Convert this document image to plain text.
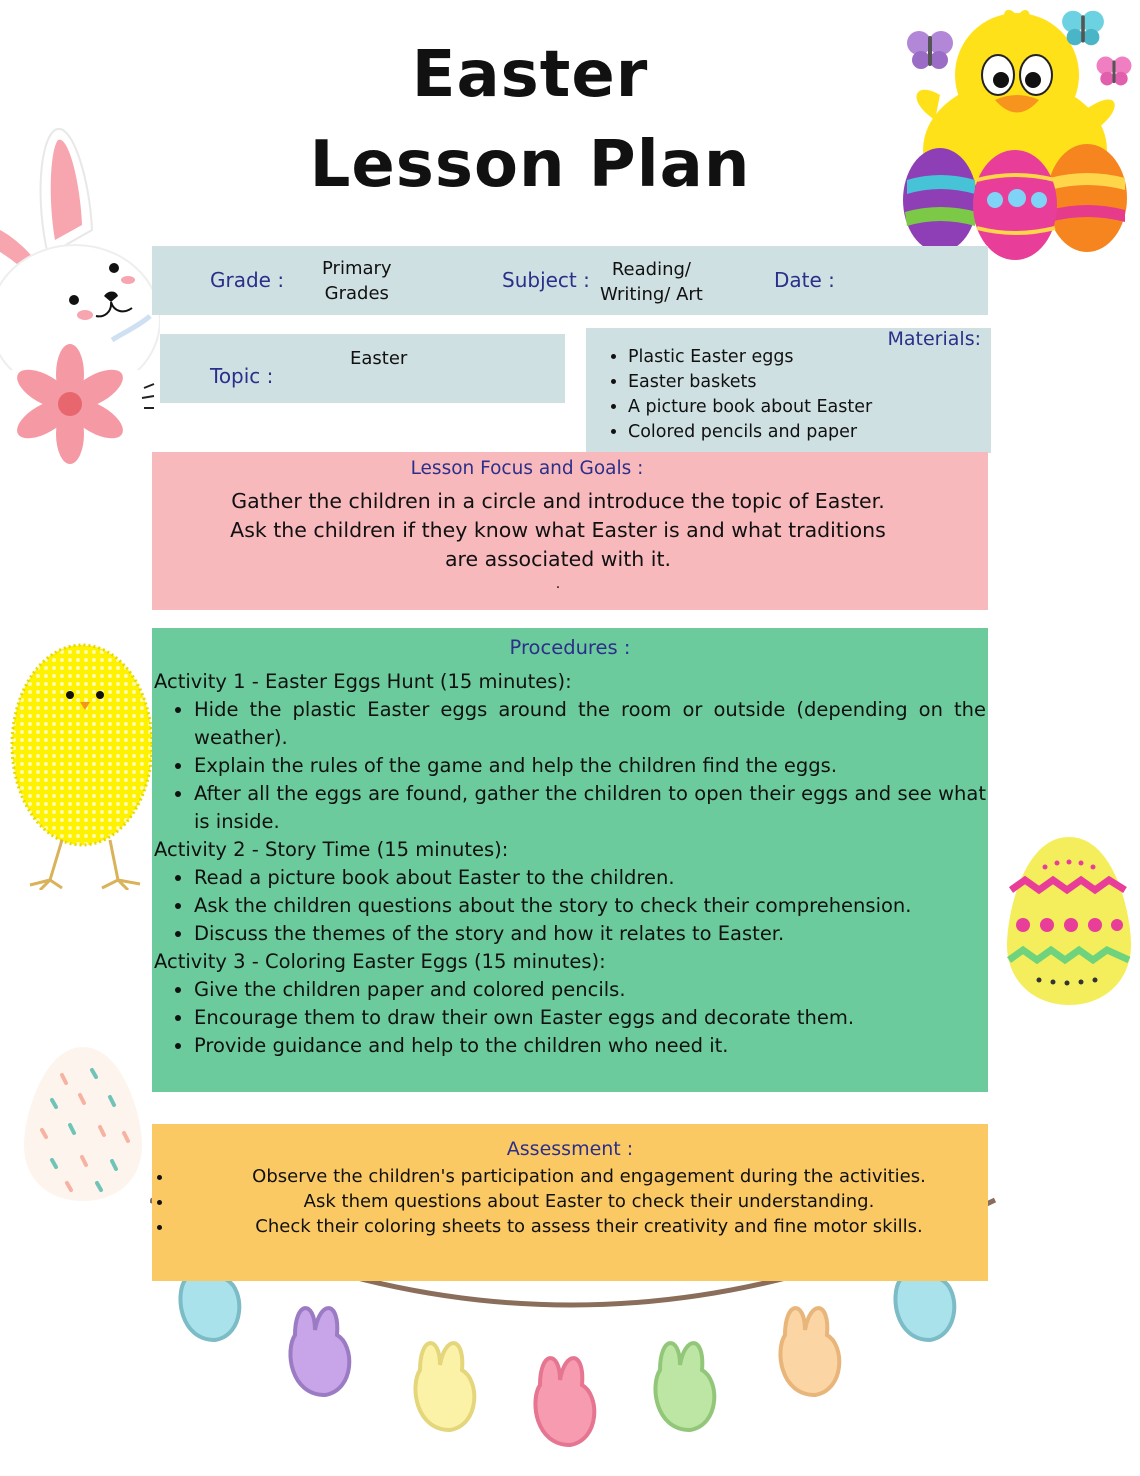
Easter
Lesson Plan
Grade : Primary
Grades
Subject :	Reading/
Writing/ Art
Date :
Topic :
Easter
Materials:
• Plastic Easter eggs
• Easter baskets
• A picture book about Easter
• Colored pencils and paper
Lesson Focus and Goals :
Gather the children in a circle and introduce the topic of Easter.
Ask the children if they know what Easter is and what traditions
are associated with it.
.
Procedures :
Activity 1 - Easter Eggs Hunt (15 minutes):
• Hide the plastic Easter eggs around the room or outside (depending on the weather).
• Explain the rules of the game and help the children find the eggs.
• After all the eggs are found, gather the children to open their eggs and see what is inside.
Activity 2 - Story Time (15 minutes):
• Read a picture book about Easter to the children.
• Ask the children questions about the story to check their comprehension.
• Discuss the themes of the story and how it relates to Easter.
Activity 3 - Coloring Easter Eggs (15 minutes):
• Give the children paper and colored pencils.
• Encourage them to draw their own Easter eggs and decorate them.
• Provide guidance and help to the children who need it.
Assessment :
• Observe the children's participation and engagement during the activities.
• Ask them questions about Easter to check their understanding.
• Check their coloring sheets to assess their creativity and fine motor skills.
